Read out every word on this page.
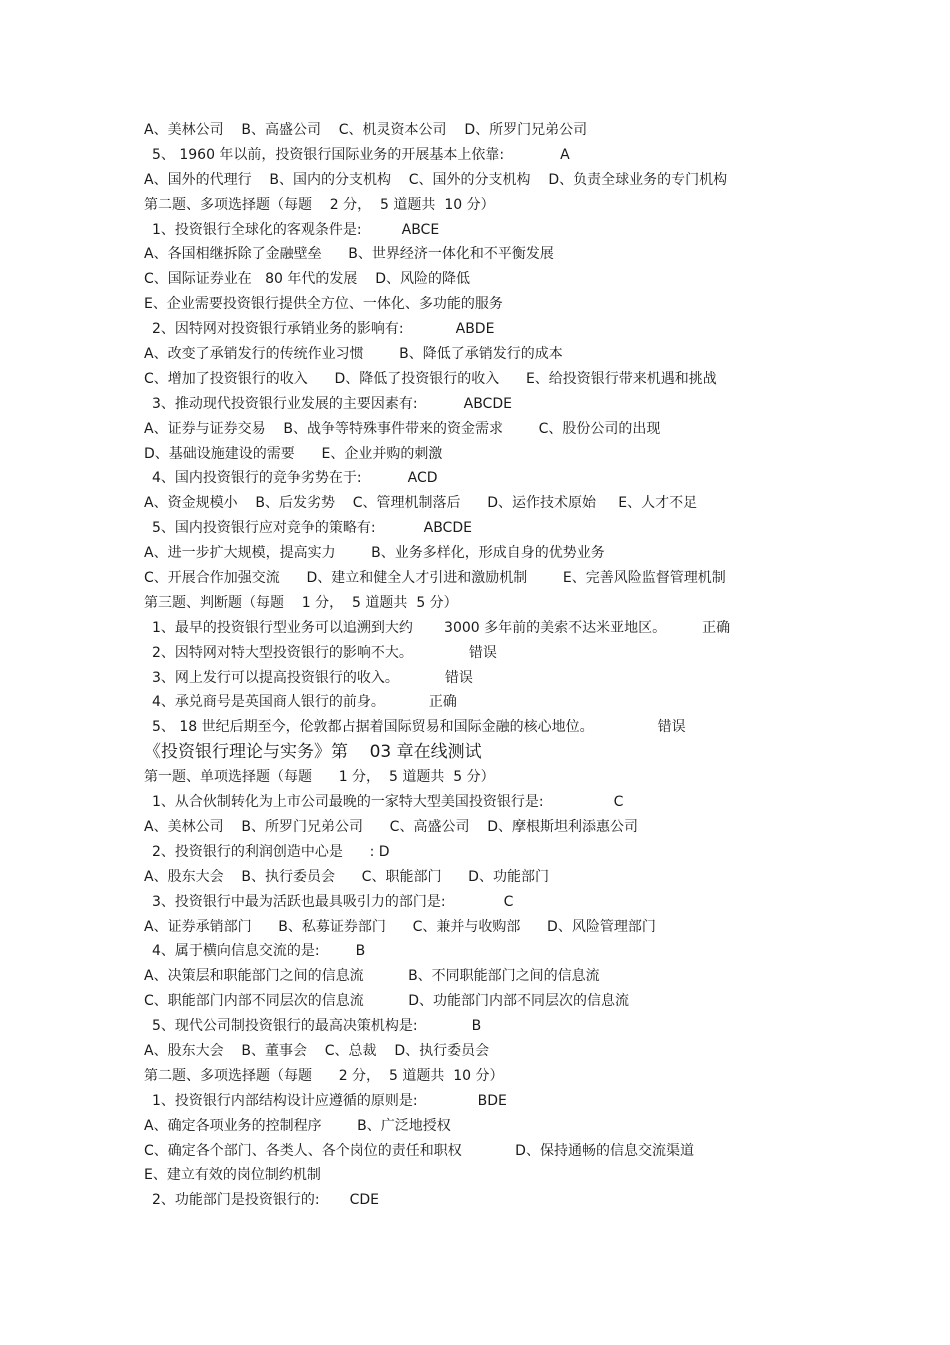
A、美林公司    B、高盛公司    C、机灵资本公司    D、所罗门兄弟公司
5、 1960 年以前，投资银行国际业务的开展基本上依靠:	A
A、国外的代理行    B、国内的分支机构    C、国外的分支机构    D、负责全球业务的专门机构
第二题、多项选择题（每题    2 分，  5 道题共  10 分）
1、投资银行全球化的客观条件是:	ABCE
A、各国相继拆除了金融壁垒      B、世界经济一体化和不平衡发展
C、国际证券业在   80 年代的发展    D、风险的降低
E、企业需要投资银行提供全方位、一体化、多功能的服务
2、因特网对投资银行承销业务的影响有:	ABDE
A、改变了承销发行的传统作业习惯        B、降低了承销发行的成本
C、增加了投资银行的收入      D、降低了投资银行的收入      E、给投资银行带来机遇和挑战
3、推动现代投资银行业发展的主要因素有:	ABCDE
A、证券与证券交易    B、战争等特殊事件带来的资金需求        C、股份公司的出现
D、基础设施建设的需要      E、企业并购的刺激
4、国内投资银行的竞争劣势在于:	ACD
A、资金规模小    B、后发劣势    C、管理机制落后      D、运作技术原始     E、人才不足
5、国内投资银行应对竞争的策略有:	ABCDE
A、进一步扩大规模，提高实力        B、业务多样化，形成自身的优势业务
C、开展合作加强交流      D、建立和健全人才引进和激励机制        E、完善风险监督管理机制
第三题、判断题（每题    1 分，  5 道题共  5 分）
1、最早的投资银行型业务可以追溯到大约       3000 多年前的美索不达米亚地区。	正确
2、因特网对特大型投资银行的影响不大。	错误
3、网上发行可以提高投资银行的收入。	错误
4、承兑商号是英国商人银行的前身。	正确
5、 18 世纪后期至今，伦敦都占据着国际贸易和国际金融的核心地位。	错误
《投资银行理论与实务》第    03 章在线测试
第一题、单项选择题（每题      1 分，  5 道题共  5 分）
1、从合伙制转化为上市公司最晚的一家特大型美国投资银行是:	C
A、美林公司    B、所罗门兄弟公司      C、高盛公司    D、摩根斯坦利添惠公司
2、投资银行的利润创造中心是      : D
A、股东大会    B、执行委员会      C、职能部门      D、功能部门
3、投资银行中最为活跃也最具吸引力的部门是:	C
A、证券承销部门      B、私募证券部门      C、兼并与收购部      D、风险管理部门
4、属于横向信息交流的是:	B
A、决策层和职能部门之间的信息流          B、不同职能部门之间的信息流
C、职能部门内部不同层次的信息流          D、功能部门内部不同层次的信息流
5、现代公司制投资银行的最高决策机构是:	B
A、股东大会    B、董事会    C、总裁    D、执行委员会
第二题、多项选择题（每题      2 分，  5 道题共  10 分）
1、投资银行内部结构设计应遵循的原则是:	BDE
A、确定各项业务的控制程序        B、广泛地授权
C、确定各个部门、各类人、各个岗位的责任和职权            D、保持通畅的信息交流渠道
E、建立有效的岗位制约机制
2、功能部门是投资银行的: CDE
